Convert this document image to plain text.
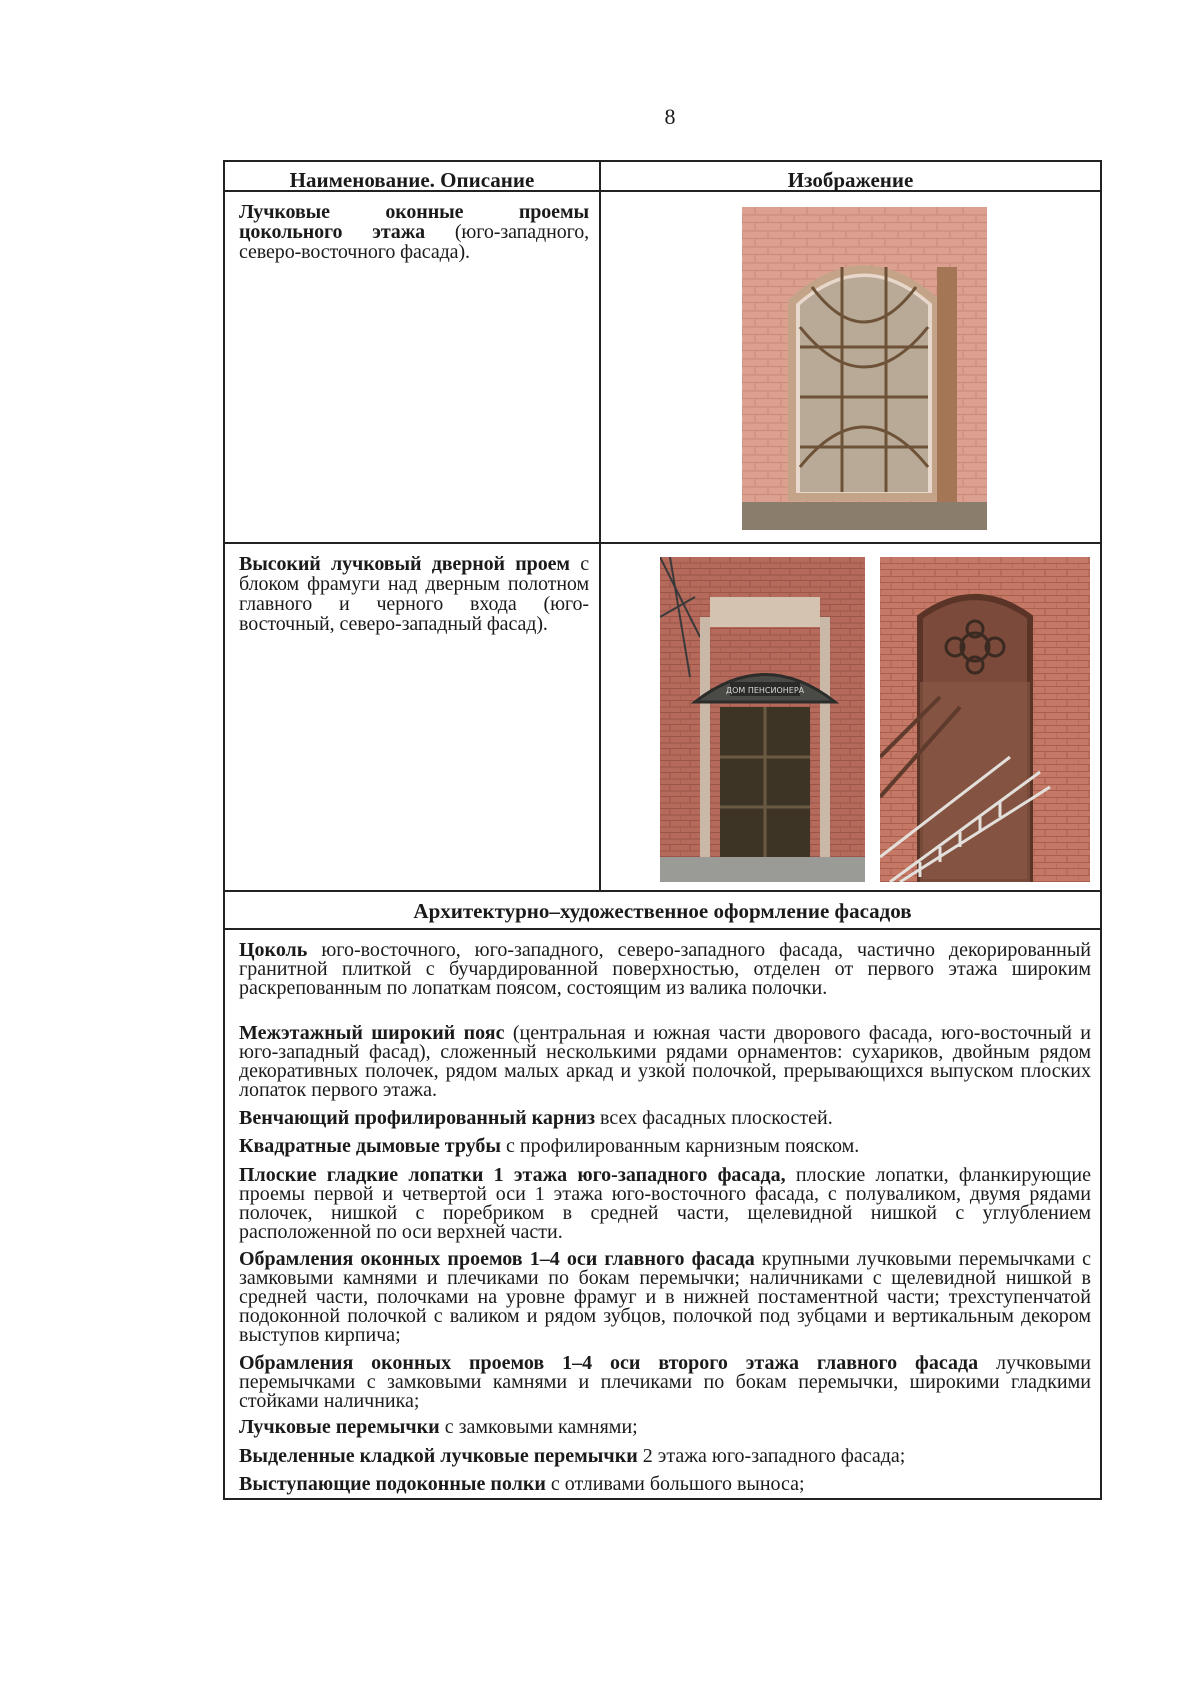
8
Наименование. Описание	Изображение
Лучковые оконные проемы цокольного этажа (юго-западного, северо-восточного фасада).
Высокий лучковый дверной проем с блоком фрамуги над дверным полотном главного и черного входа (юго-восточный, северо-западный фасад).
ДОМ ПЕНСИОНЕРА
Архитектурно–художественное оформление фасадов
Цоколь юго-восточного, юго-западного, северо-западного фасада, частично декорированный гранитной плиткой с бучардированной поверхностью, отделен от первого этажа широким раскрепованным по лопаткам поясом, состоящим из валика полочки.
Межэтажный широкий пояс (центральная и южная части дворового фасада, юго-восточный и юго-западный фасад), сложенный несколькими рядами орнаментов: сухариков, двойным рядом декоративных полочек, рядом малых аркад и узкой полочкой, прерывающихся выпуском плоских лопаток первого этажа.
Венчающий профилированный карниз всех фасадных плоскостей.
Квадратные дымовые трубы с профилированным карнизным пояском.
Плоские гладкие лопатки 1 этажа юго-западного фасада, плоские лопатки, фланкирующие проемы первой и четвертой оси 1 этажа юго-восточного фасада, с полуваликом, двумя рядами полочек, нишкой с поребриком в средней части, щелевидной нишкой с углублением расположенной по оси верхней части.
Обрамления оконных проемов 1–4 оси главного фасада крупными лучковыми перемычками с замковыми камнями и плечиками по бокам перемычки; наличниками с щелевидной нишкой в средней части, полочками на уровне фрамуг и в нижней постаментной части; трехступенчатой подоконной полочкой с валиком и рядом зубцов, полочкой под зубцами и вертикальным декором выступов кирпича;
Обрамления оконных проемов 1–4 оси второго этажа главного фасада лучковыми перемычками с замковыми камнями и плечиками по бокам перемычки, широкими гладкими стойками наличника;
Лучковые перемычки с замковыми камнями;
Выделенные кладкой лучковые перемычки 2 этажа юго-западного фасада;
Выступающие подоконные полки с отливами большого выноса;
